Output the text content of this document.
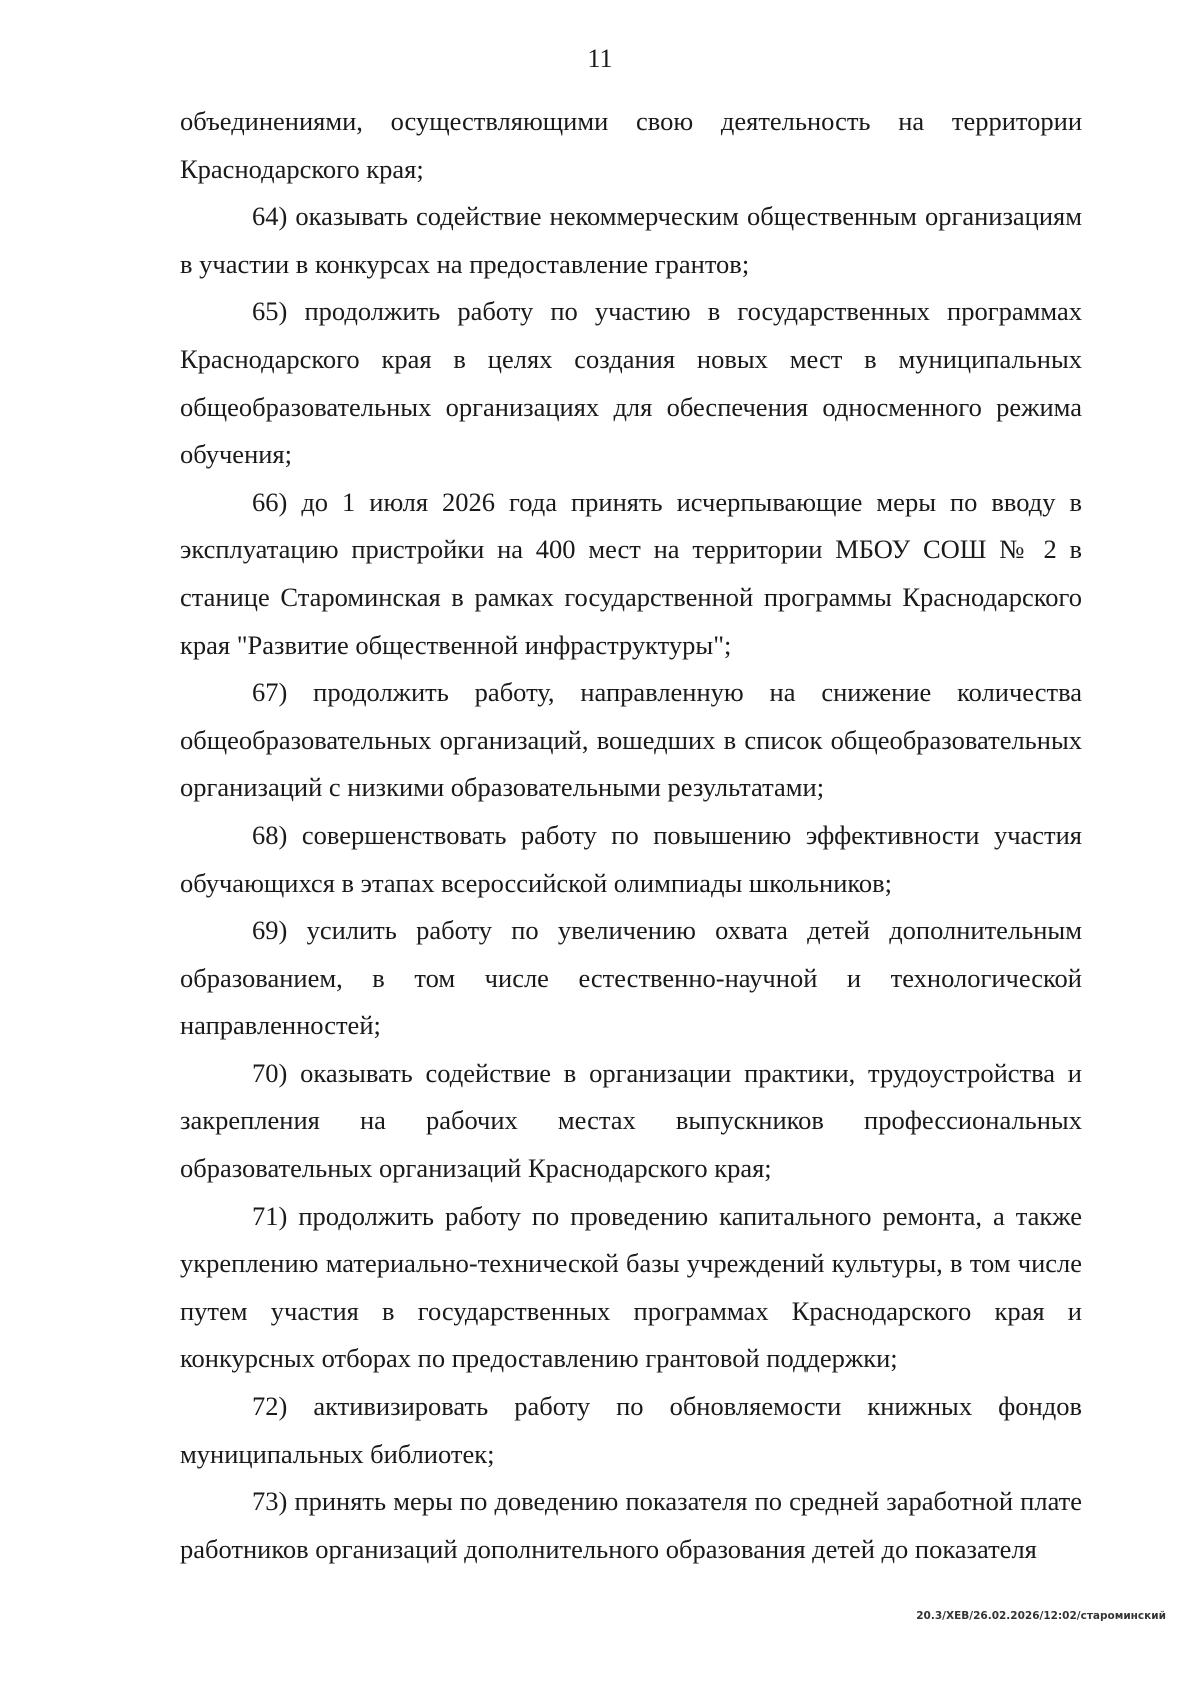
11

объединениями, осуществляющими свою деятельность на территории Краснодарского края;

64) оказывать содействие некоммерческим общественным организациям в участии в конкурсах на предоставление грантов;

65) продолжить работу по участию в государственных программах Краснодарского края в целях создания новых мест в муниципальных общеобразовательных организациях для обеспечения односменного режима обучения;

66) до 1 июля 2026 года принять исчерпывающие меры по вводу в эксплуатацию пристройки на 400 мест на территории МБОУ СОШ № 2 в станице Староминская в рамках государственной программы Краснодарского края "Развитие общественной инфраструктуры";

67) продолжить работу, направленную на снижение количества общеобразовательных организаций, вошедших в список общеобразовательных организаций с низкими образовательными результатами;

68) совершенствовать работу по повышению эффективности участия обучающихся в этапах всероссийской олимпиады школьников;

69) усилить работу по увеличению охвата детей дополнительным образованием, в том числе естественно-научной и технологической направленностей;

70) оказывать содействие в организации практики, трудоустройства и закрепления на рабочих местах выпускников профессиональных образовательных организаций Краснодарского края;

71) продолжить работу по проведению капитального ремонта, а также укреплению материально-технической базы учреждений культуры, в том числе путем участия в государственных программах Краснодарского края и конкурсных отборах по предоставлению грантовой поддержки;

72) активизировать работу по обновляемости книжных фондов муниципальных библиотек;

73) принять меры по доведению показателя по средней заработной плате работников организаций дополнительного образования детей до показателя

20.3/ХЕВ/26.02.2026/12:02/староминский
